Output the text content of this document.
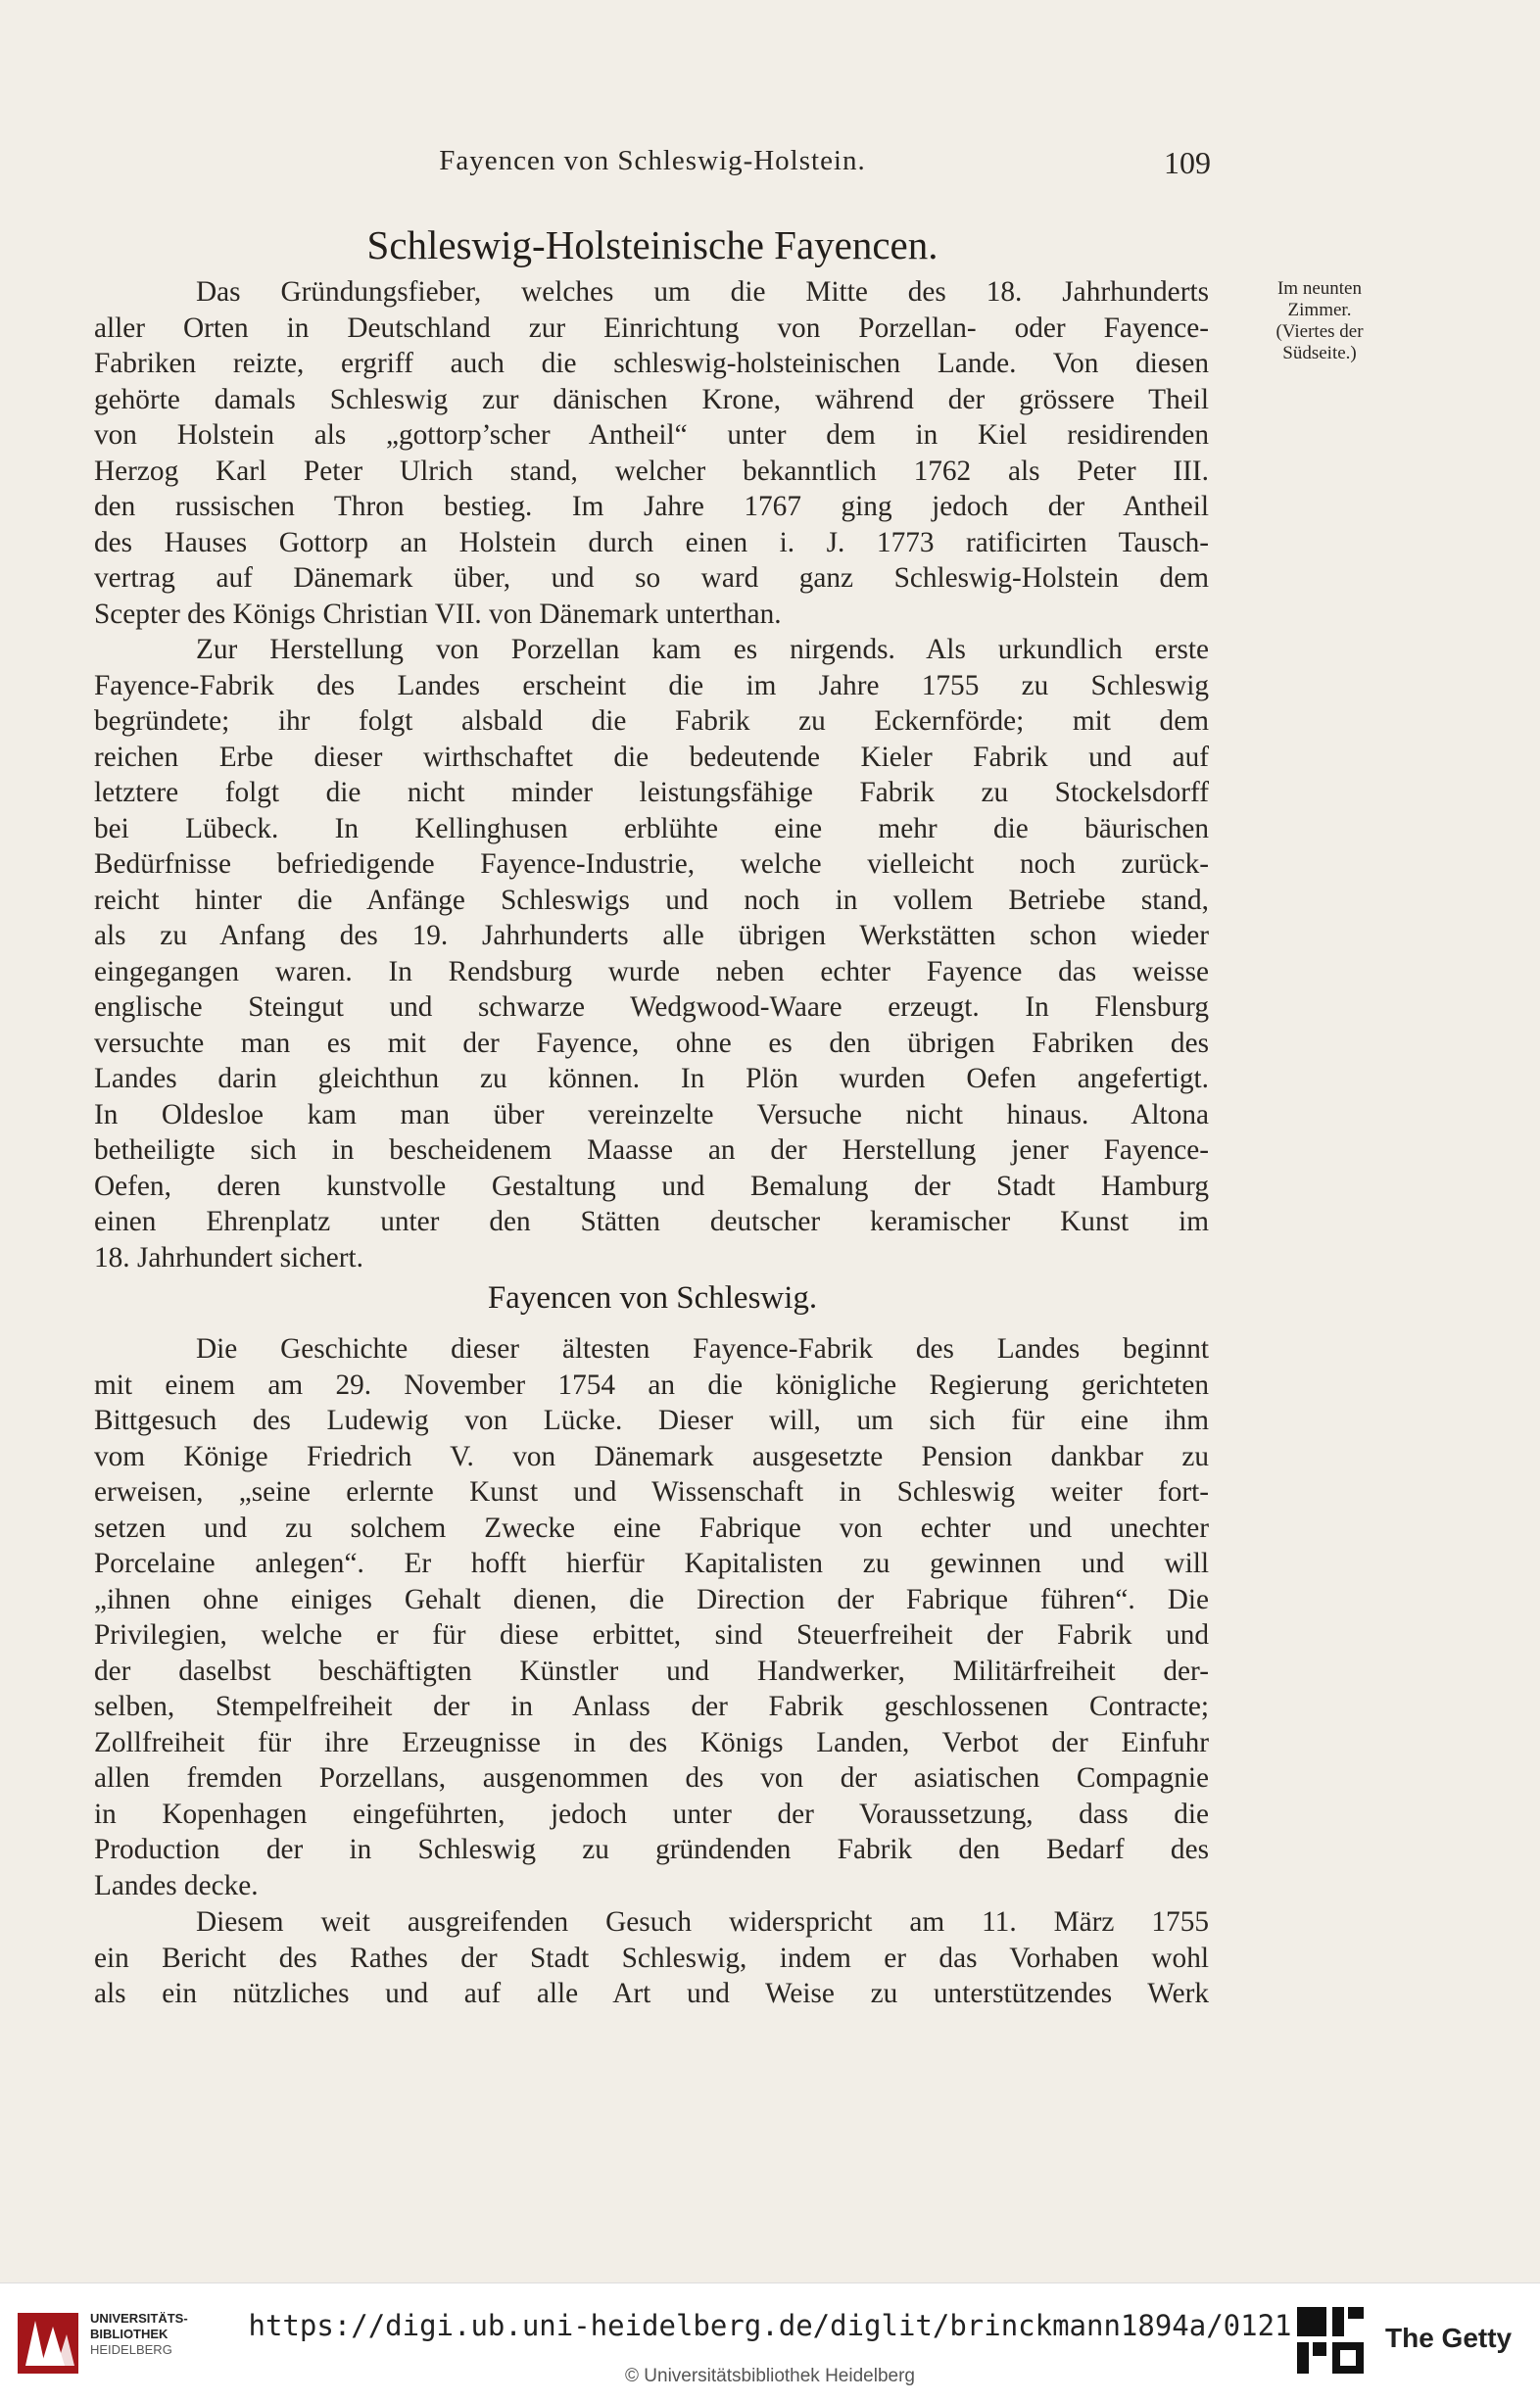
Fayencen von Schleswig-Holstein.	109
Schleswig-Holsteinische Fayencen.
Im neunten
Zimmer.
(Viertes der
Südseite.)
Das Gründungsfieber, welches um die Mitte des 18. Jahrhunderts
aller Orten in Deutschland zur Einrichtung von Porzellan- oder Fayence-
Fabriken reizte, ergriff auch die schleswig-holsteinischen Lande. Von diesen
gehörte damals Schleswig zur dänischen Krone, während der grössere Theil
von Holstein als „gottorp’scher Antheil“ unter dem in Kiel residirenden
Herzog Karl Peter Ulrich stand, welcher bekanntlich 1762 als Peter III.
den russischen Thron bestieg. Im Jahre 1767 ging jedoch der Antheil
des Hauses Gottorp an Holstein durch einen i. J. 1773 ratificirten Tausch-
vertrag auf Dänemark über, und so ward ganz Schleswig-Holstein dem
Scepter des Königs Christian VII. von Dänemark unterthan.
Zur Herstellung von Porzellan kam es nirgends. Als urkundlich erste
Fayence-Fabrik des Landes erscheint die im Jahre 1755 zu Schleswig
begründete; ihr folgt alsbald die Fabrik zu Eckernförde; mit dem
reichen Erbe dieser wirthschaftet die bedeutende Kieler Fabrik und auf
letztere folgt die nicht minder leistungsfähige Fabrik zu Stockelsdorff
bei Lübeck. In Kellinghusen erblühte eine mehr die bäurischen
Bedürfnisse befriedigende Fayence-Industrie, welche vielleicht noch zurück-
reicht hinter die Anfänge Schleswigs und noch in vollem Betriebe stand,
als zu Anfang des 19. Jahrhunderts alle übrigen Werkstätten schon wieder
eingegangen waren. In Rendsburg wurde neben echter Fayence das weisse
englische Steingut und schwarze Wedgwood-Waare erzeugt. In Flensburg
versuchte man es mit der Fayence, ohne es den übrigen Fabriken des
Landes darin gleichthun zu können. In Plön wurden Oefen angefertigt.
In Oldesloe kam man über vereinzelte Versuche nicht hinaus. Altona
betheiligte sich in bescheidenem Maasse an der Herstellung jener Fayence-
Oefen, deren kunstvolle Gestaltung und Bemalung der Stadt Hamburg
einen Ehrenplatz unter den Stätten deutscher keramischer Kunst im
18. Jahrhundert sichert.
Fayencen von Schleswig.
Die Geschichte dieser ältesten Fayence-Fabrik des Landes beginnt
mit einem am 29. November 1754 an die königliche Regierung gerichteten
Bittgesuch des Ludewig von Lücke. Dieser will, um sich für eine ihm
vom Könige Friedrich V. von Dänemark ausgesetzte Pension dankbar zu
erweisen, „seine erlernte Kunst und Wissenschaft in Schleswig weiter fort-
setzen und zu solchem Zwecke eine Fabrique von echter und unechter
Porcelaine anlegen“. Er hofft hierfür Kapitalisten zu gewinnen und will
„ihnen ohne einiges Gehalt dienen, die Direction der Fabrique führen“. Die
Privilegien, welche er für diese erbittet, sind Steuerfreiheit der Fabrik und
der daselbst beschäftigten Künstler und Handwerker, Militärfreiheit der-
selben, Stempelfreiheit der in Anlass der Fabrik geschlossenen Contracte;
Zollfreiheit für ihre Erzeugnisse in des Königs Landen, Verbot der Einfuhr
allen fremden Porzellans, ausgenommen des von der asiatischen Compagnie
in Kopenhagen eingeführten, jedoch unter der Voraussetzung, dass die
Production der in Schleswig zu gründenden Fabrik den Bedarf des
Landes decke.
Diesem weit ausgreifenden Gesuch widerspricht am 11. März 1755
ein Bericht des Rathes der Stadt Schleswig, indem er das Vorhaben wohl
als ein nützliches und auf alle Art und Weise zu unterstützendes Werk
UNIVERSITÄTS-
BIBLIOTHEK
HEIDELBERG
https://digi.ub.uni-heidelberg.de/diglit/brinckmann1894a/0121
© Universitätsbibliothek Heidelberg
The Getty
